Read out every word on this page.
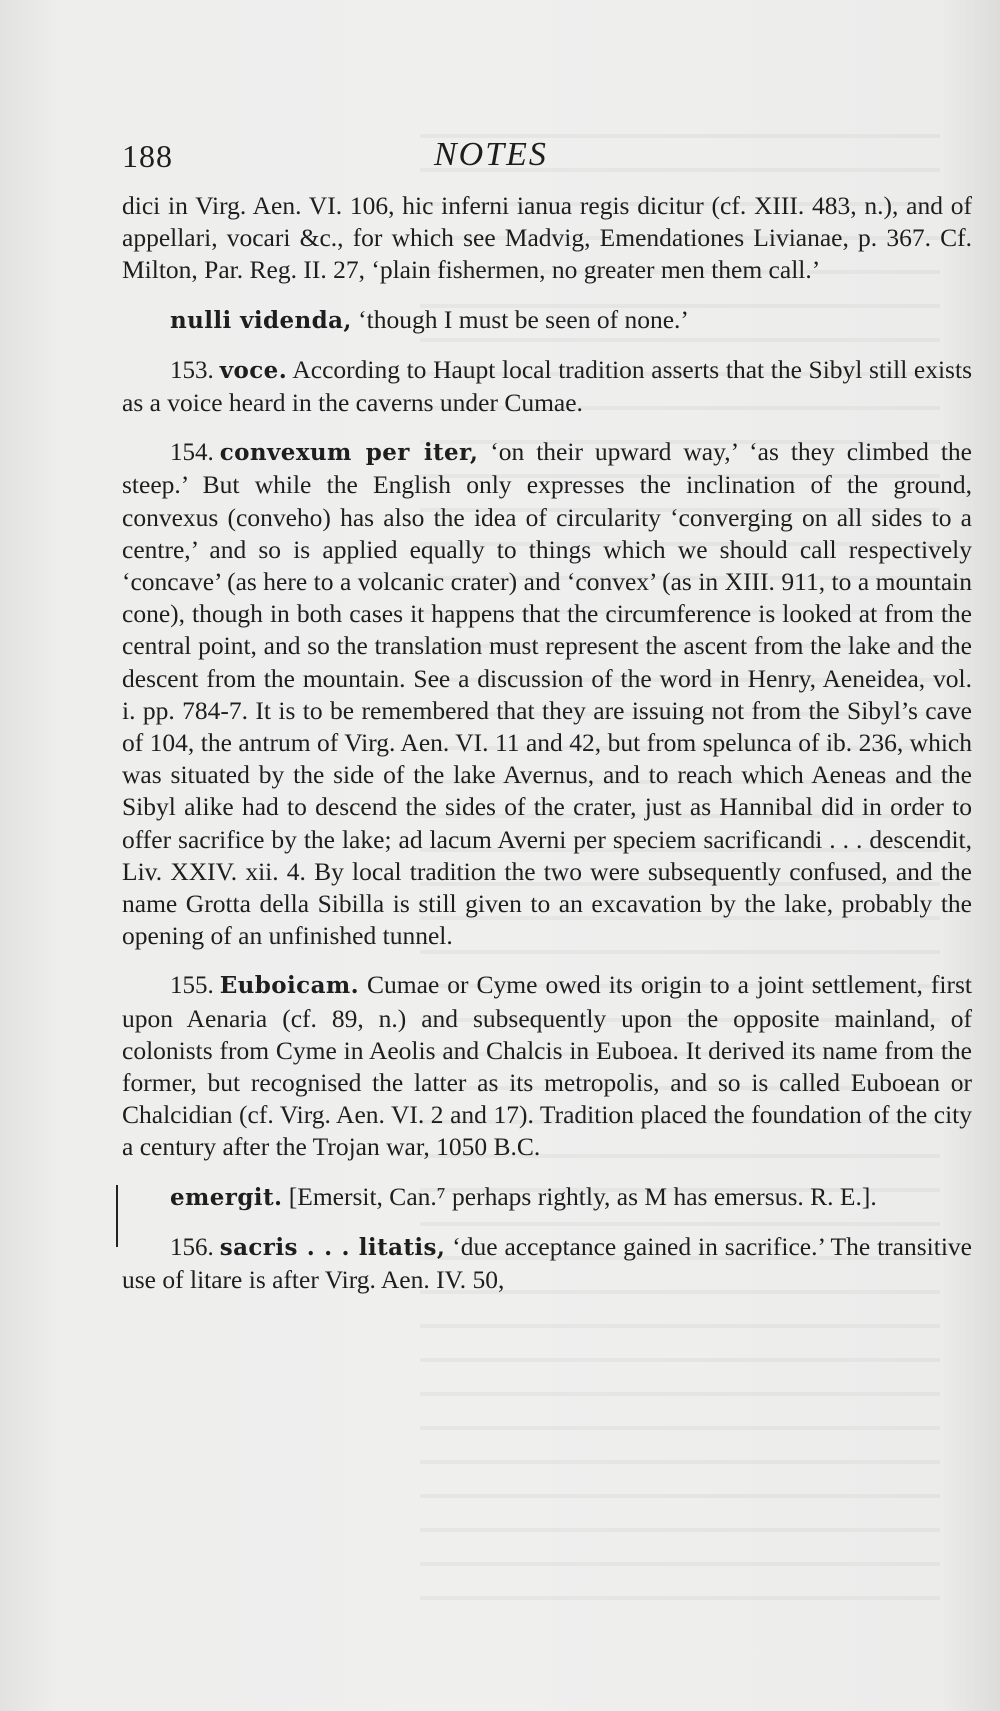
188	NOTES

dici in Virg. Aen. VI. 106, hic inferni ianua regis dicitur (cf. XIII. 483, n.), and of appellari, vocari &c., for which see Madvig, Emendationes Livianae, p. 367. Cf. Milton, Par. Reg. II. 27, ‘plain fishermen, no greater men them call.’

nulli videnda, ‘though I must be seen of none.’

153. voce. According to Haupt local tradition asserts that the Sibyl still exists as a voice heard in the caverns under Cumae.

154. convexum per iter, ‘on their upward way,’ ‘as they climbed the steep.’ But while the English only expresses the inclination of the ground, convexus (conveho) has also the idea of circularity ‘converging on all sides to a centre,’ and so is applied equally to things which we should call respectively ‘concave’ (as here to a volcanic crater) and ‘convex’ (as in XIII. 911, to a mountain cone), though in both cases it happens that the circumference is looked at from the central point, and so the translation must represent the ascent from the lake and the descent from the mountain. See a discussion of the word in Henry, Aeneidea, vol. i. pp. 784-7. It is to be remembered that they are issuing not from the Sibyl’s cave of 104, the antrum of Virg. Aen. VI. 11 and 42, but from spelunca of ib. 236, which was situated by the side of the lake Avernus, and to reach which Aeneas and the Sibyl alike had to descend the sides of the crater, just as Hannibal did in order to offer sacrifice by the lake; ad lacum Averni per speciem sacrificandi . . . descendit, Liv. XXIV. xii. 4. By local tradition the two were subsequently confused, and the name Grotta della Sibilla is still given to an excavation by the lake, probably the opening of an unfinished tunnel.

155. Euboicam. Cumae or Cyme owed its origin to a joint settlement, first upon Aenaria (cf. 89, n.) and subsequently upon the opposite mainland, of colonists from Cyme in Aeolis and Chalcis in Euboea. It derived its name from the former, but recognised the latter as its metropolis, and so is called Euboean or Chalcidian (cf. Virg. Aen. VI. 2 and 17). Tradition placed the foundation of the city a century after the Trojan war, 1050 B.C.

emergit. [Emersit, Can.⁷ perhaps rightly, as M has emersus. R. E.].

156. sacris . . . litatis, ‘due acceptance gained in sacrifice.’ The transitive use of litare is after Virg. Aen. IV. 50,
